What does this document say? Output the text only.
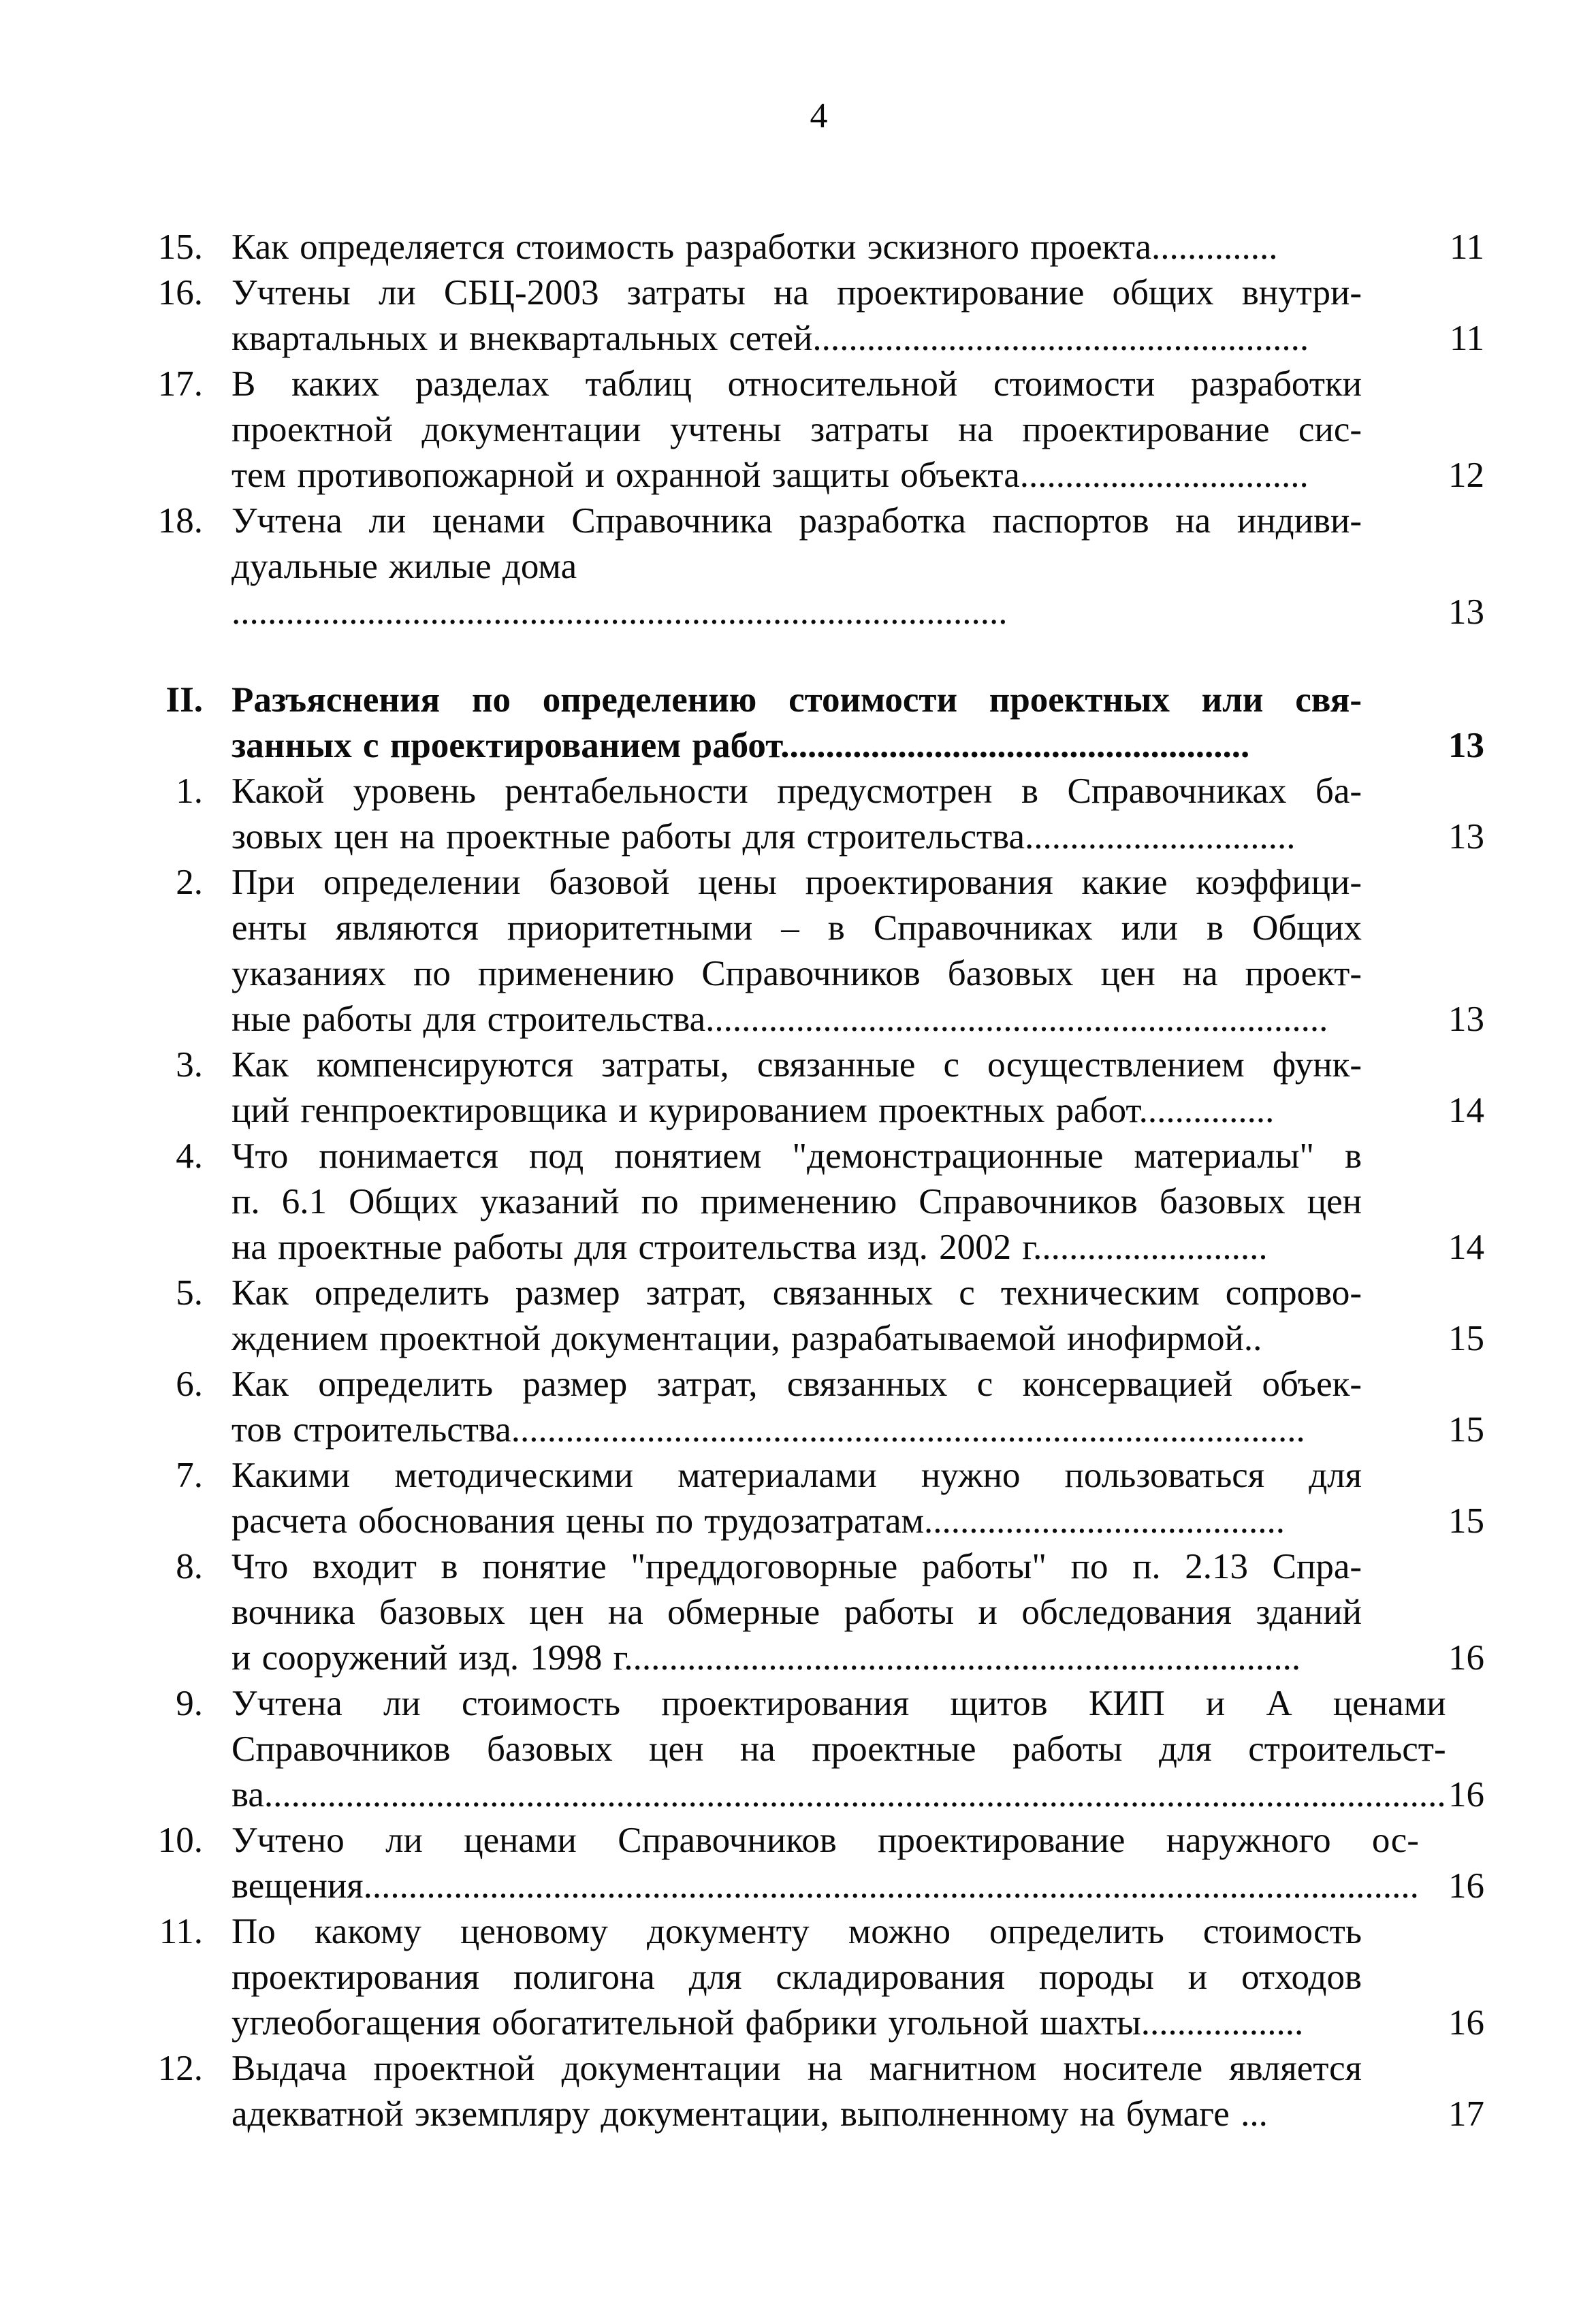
4
15. Как определяется стоимость разработки эскизного проекта..............	11
16. Учтены ли СБЦ-2003 затраты на проектирование общих внутри-
квартальных и внеквартальных сетей.......................................................	11
17. В каких разделах таблиц относительной стоимости разработки
проектной документации учтены затраты на проектирование сис-
тем противопожарной и охранной защиты объекта................................	12
18. Учтена ли ценами Справочника разработка паспортов на индиви-
дуальные жилые дома ......................................................................................	13
II. Разъяснения по определению стоимости проектных или свя-
занных с проектированием работ....................................................	13
1. Какой уровень рентабельности предусмотрен в Справочниках ба-
зовых цен на проектные работы для строительства..............................	13
2. При определении базовой цены проектирования какие коэффици-
енты являются приоритетными – в Справочниках или в Общих
указаниях по применению Справочников базовых цен на проект-
ные работы для строительства.....................................................................	13
3. Как компенсируются затраты, связанные с осуществлением функ-
ций генпроектировщика и курированием проектных работ...............	14
4. Что понимается под понятием "демонстрационные материалы" в
п. 6.1 Общих указаний по применению Справочников базовых цен
на проектные работы для строительства изд. 2002 г..........................	14
5. Как определить размер затрат, связанных с техническим сопрово-
ждением проектной документации, разрабатываемой инофирмой..	15
6. Как определить размер затрат, связанных с консервацией объек-
тов строительства........................................................................................	15
7. Какими методическими материалами нужно пользоваться для
расчета обоснования цены по трудозатратам........................................	15
8. Что входит в понятие "преддоговорные работы" по п. 2.13 Спра-
вочника базовых цен на обмерные работы и обследования зданий
и сооружений изд. 1998 г...........................................................................	16
9. Учтена ли стоимость проектирования щитов КИП и А ценами
Справочников базовых цен на проектные работы для строительст-
ва................................................................................................................................... 16
10. Учтено ли ценами Справочников проектирование наружного ос-
вещения..................................................................................................................... 16
11. По какому ценовому документу можно определить стоимость
проектирования полигона для складирования породы и отходов
углеобогащения обогатительной фабрики угольной шахты..................	16
12. Выдача проектной документации на магнитном носителе является
адекватной экземпляру документации, выполненному на бумаге ...	17
